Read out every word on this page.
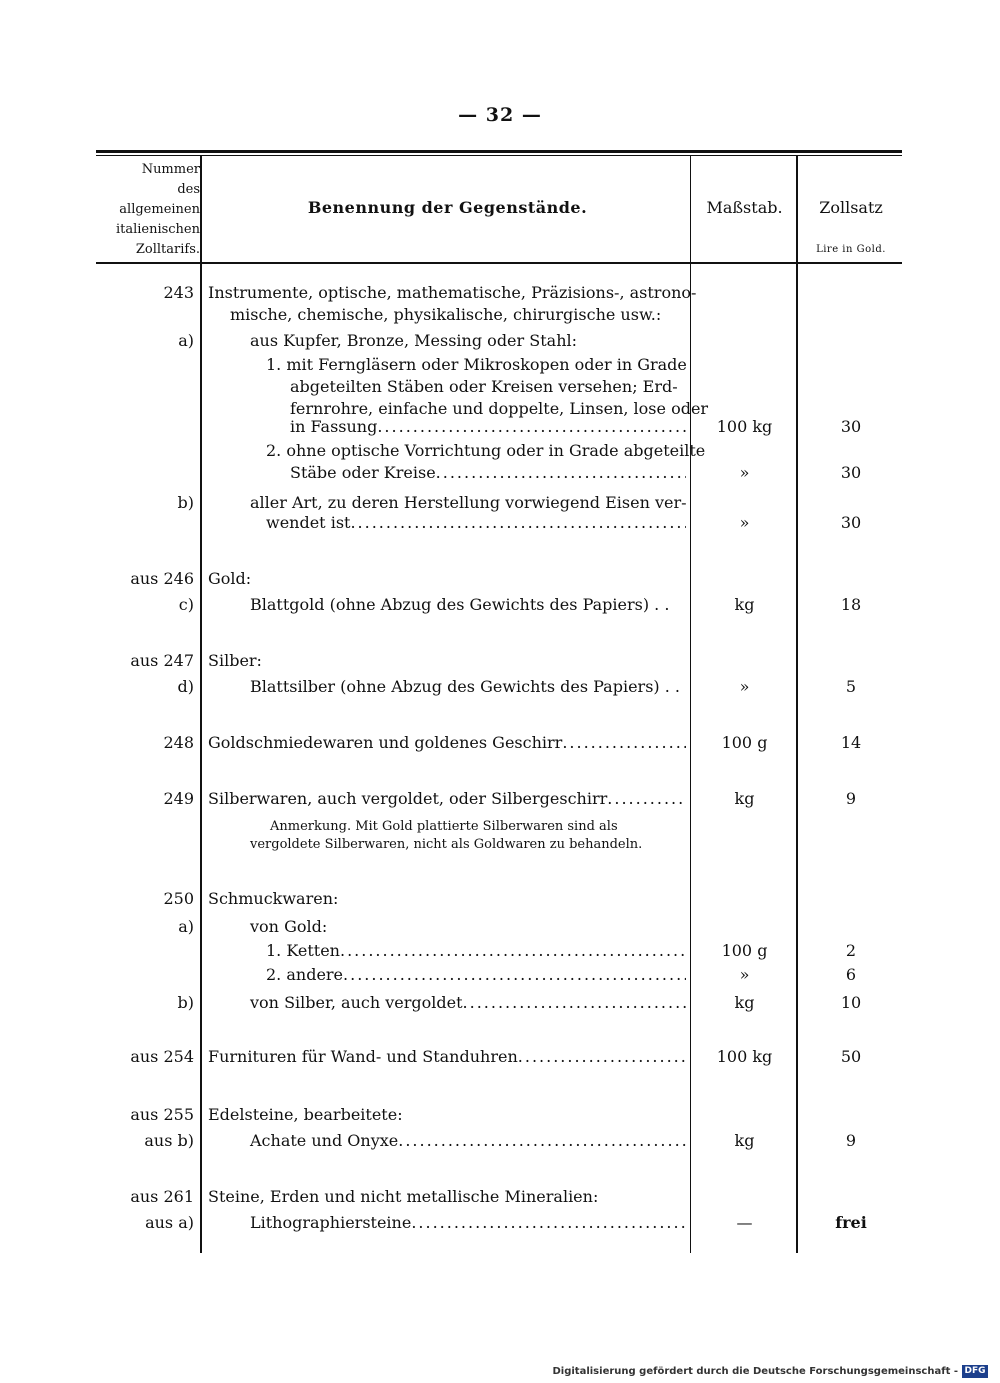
— 32 —
Nummer
des allgemeinen
italienischen
Zolltarifs.
Benennung der Gegenstände.	Maßstab.	Zollsatz
Lire in Gold.
243 Instrumente, optische, mathematische, Präzisions-, astrono-
mische, chemische, physikalische, chirurgische usw.:
a)	aus Kupfer, Bronze, Messing oder Stahl:
1. mit Ferngläsern oder Mikroskopen oder in Grade
abgeteilten Stäben oder Kreisen versehen; Erd-
fernrohre, einfache und doppelte, Linsen, lose oder
in Fassung .....	100 kg	30
2. ohne optische Vorrichtung oder in Grade abgeteilte
Stäbe oder Kreise .....	»	30
b)	aller Art, zu deren Herstellung vorwiegend Eisen ver-
wendet ist .....	»	30
aus 246 Gold:
c)	Blattgold (ohne Abzug des Gewichts des Papiers) . .	kg	18
aus 247 Silber:
d)	Blattsilber (ohne Abzug des Gewichts des Papiers) . .	»	5
248 Goldschmiedewaren und goldenes Geschirr .....	100 g	14
249 Silberwaren, auch vergoldet, oder Silbergeschirr .....	kg	9
Anmerkung. Mit Gold plattierte Silberwaren sind als
vergoldete Silberwaren, nicht als Goldwaren zu behandeln.
250 Schmuckwaren:
a)	von Gold:
1. Ketten .....	100 g	2
2. andere .....	»	6
b)	von Silber, auch vergoldet .....	kg	10
aus 254 Furnituren für Wand- und Standuhren .....	100 kg	50
aus 255 Edelsteine, bearbeitete:
aus b)	Achate und Onyxe .....	kg	9
aus 261 Steine, Erden und nicht metallische Mineralien:
aus a)	Lithographiersteine .....	—	frei
Digitalisierung gefördert durch die Deutsche Forschungsgemeinschaft - DFG
